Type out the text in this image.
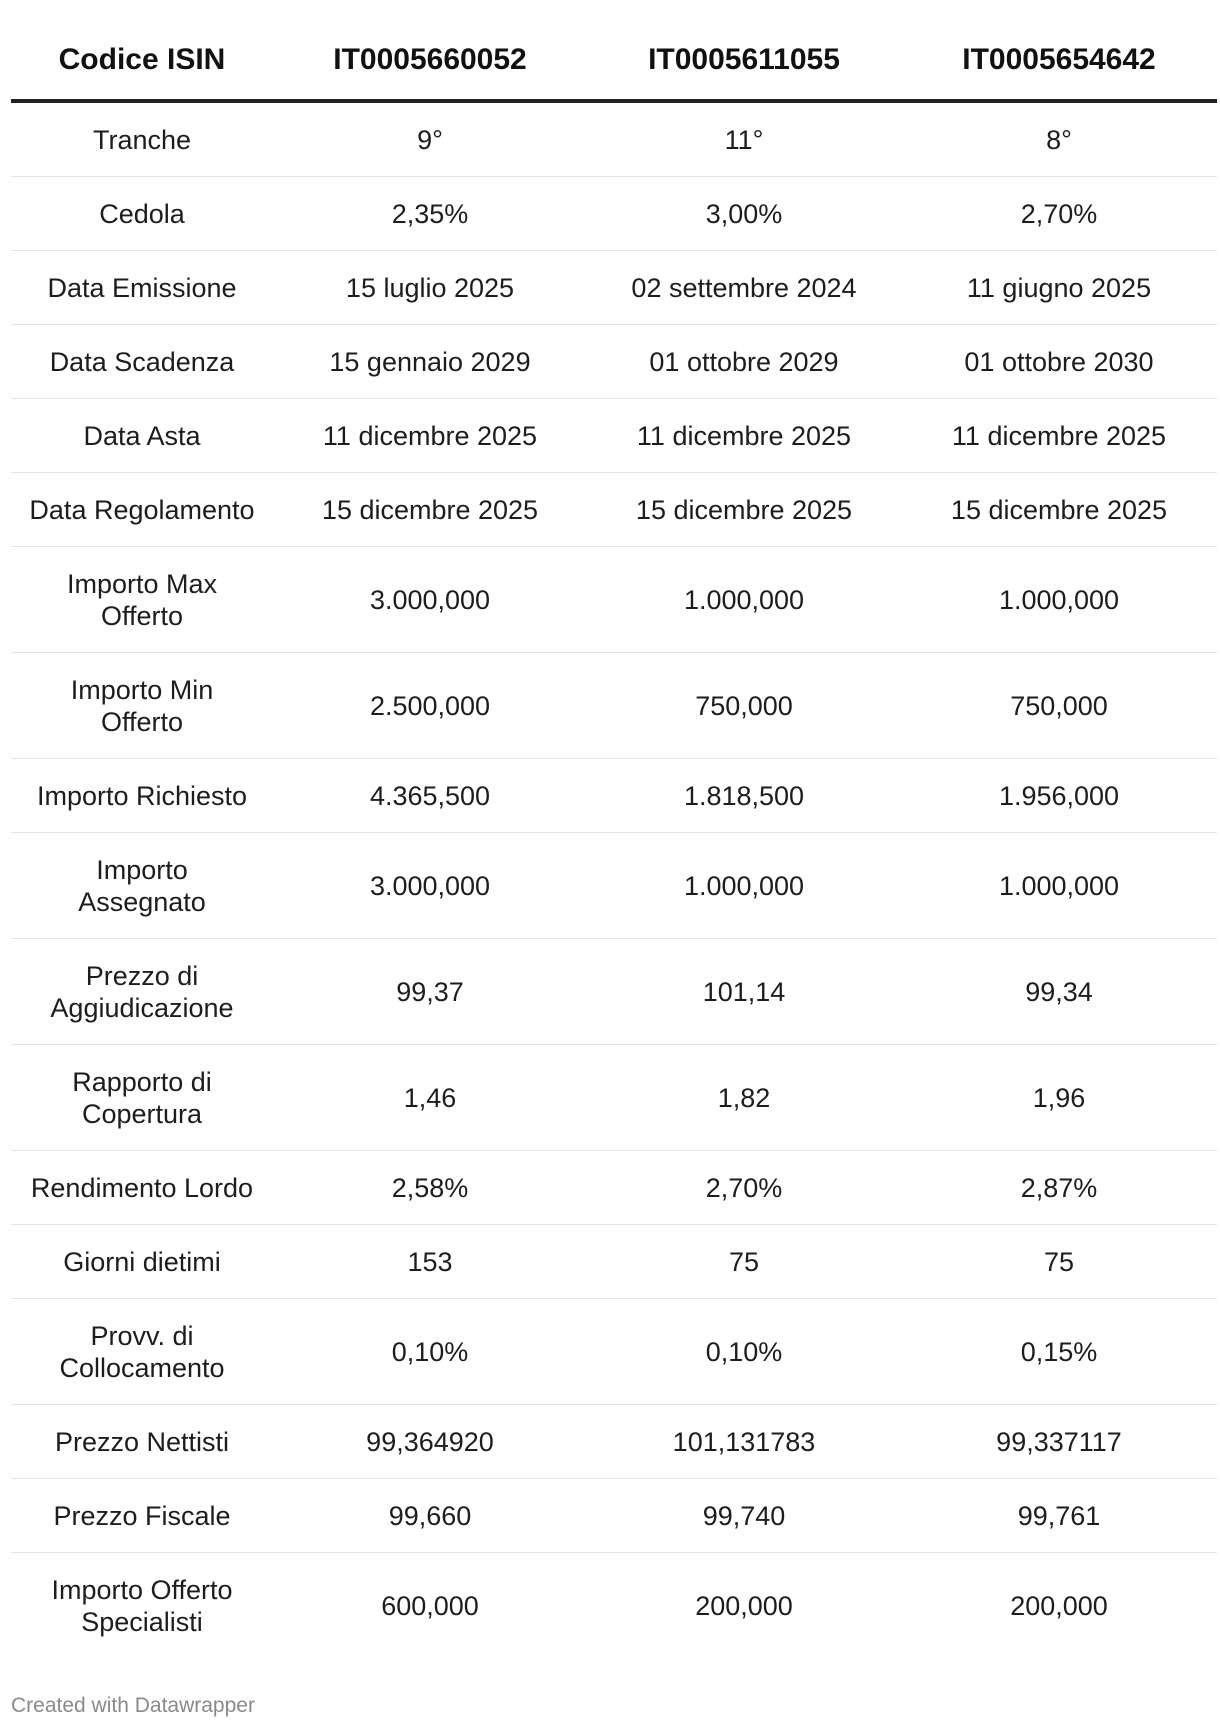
Codice ISIN	IT0005660052	IT0005611055	IT0005654642

Tranche	9°	11°	8°

Cedola	2,35%	3,00%	2,70%

Data Emissione	15 luglio 2025	02 settembre 2024	11 giugno 2025

Data Scadenza	15 gennaio 2029	01 ottobre 2029	01 ottobre 2030

Data Asta	11 dicembre 2025	11 dicembre 2025	11 dicembre 2025

Data Regolamento	15 dicembre 2025	15 dicembre 2025	15 dicembre 2025

Importo Max Offerto	3.000,000	1.000,000	1.000,000

Importo Min Offerto	2.500,000	750,000	750,000

Importo Richiesto	4.365,500	1.818,500	1.956,000

Importo Assegnato	3.000,000	1.000,000	1.000,000

Prezzo di Aggiudicazione	99,37	101,14	99,34

Rapporto di Copertura	1,46	1,82	1,96

Rendimento Lordo	2,58%	2,70%	2,87%

Giorni dietimi	153	75	75

Provv. di Collocamento	0,10%	0,10%	0,15%

Prezzo Nettisti	99,364920	101,131783	99,337117

Prezzo Fiscale	99,660	99,740	99,761

Importo Offerto Specialisti	600,000	200,000	200,000
Created with Datawrapper
